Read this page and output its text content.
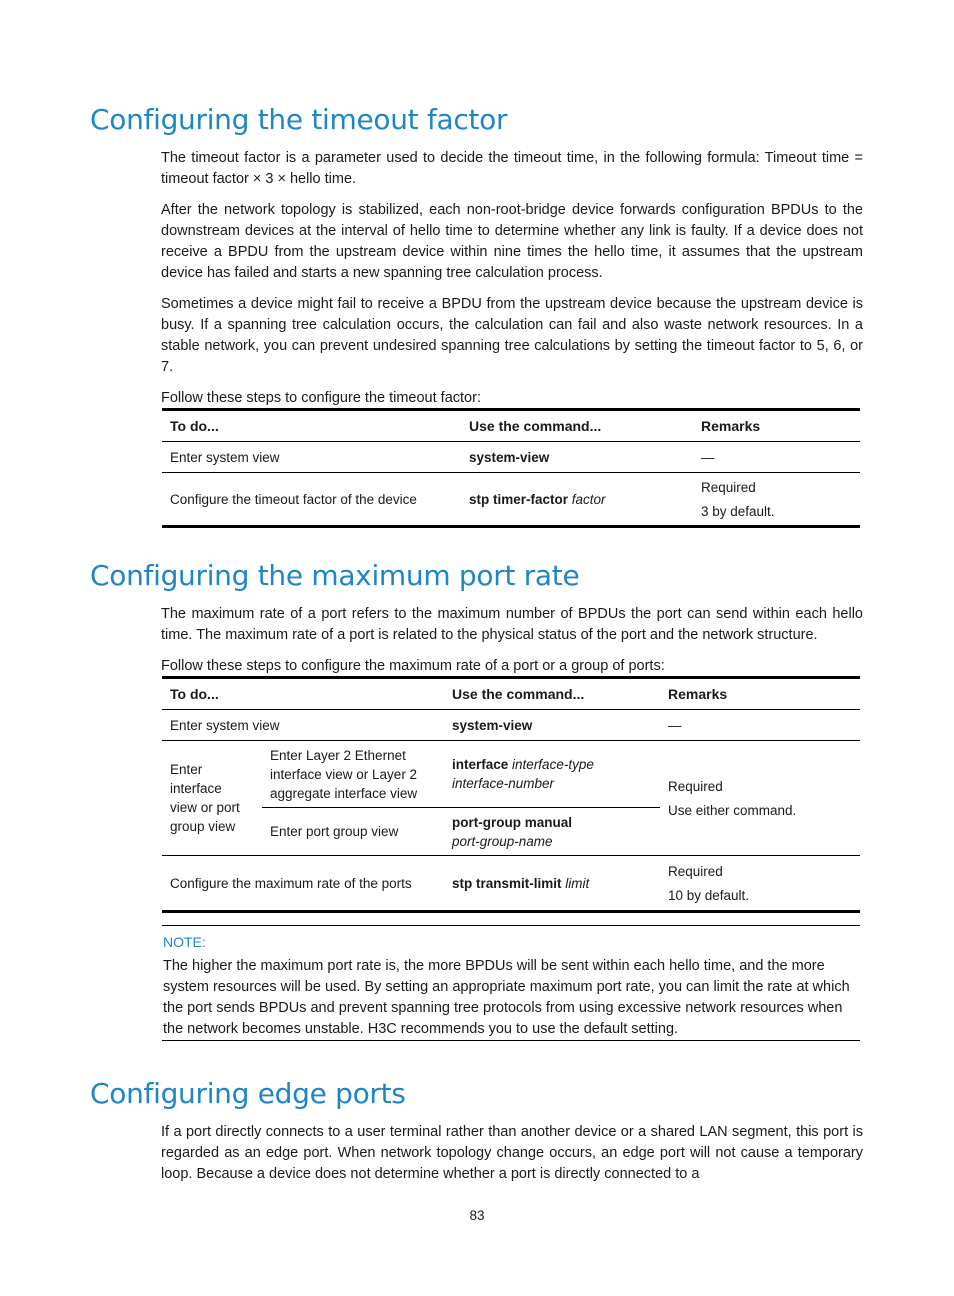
Configuring the timeout factor

The timeout factor is a parameter used to decide the timeout time, in the following formula: Timeout time = timeout factor × 3 × hello time.

After the network topology is stabilized, each non-root-bridge device forwards configuration BPDUs to the downstream devices at the interval of hello time to determine whether any link is faulty. If a device does not receive a BPDU from the upstream device within nine times the hello time, it assumes that the upstream device has failed and starts a new spanning tree calculation process.

Sometimes a device might fail to receive a BPDU from the upstream device because the upstream device is busy. If a spanning tree calculation occurs, the calculation can fail and also waste network resources. In a stable network, you can prevent undesired spanning tree calculations by setting the timeout factor to 5, 6, or 7.

Follow these steps to configure the timeout factor:

To do...	Use the command...	Remarks
Enter system view	system-view	—
Configure the timeout factor of the device	stp timer-factor factor	Required
3 by default.
Configuring the maximum port rate

The maximum rate of a port refers to the maximum number of BPDUs the port can send within each hello time. The maximum rate of a port is related to the physical status of the port and the network structure.

Follow these steps to configure the maximum rate of a port or a group of ports:

To do...		Use the command...	Remarks
Enter system view		system-view	—
Enter interface view or port group view	Enter Layer 2 Ethernet interface view or Layer 2 aggregate interface view	interface interface-type interface-number	Required
Use either command.

	Enter port group view	port-group manual
port-group-name	
Configure the maximum rate of the ports		stp transmit-limit limit	Required
10 by default.
NOTE:

The higher the maximum port rate is, the more BPDUs will be sent within each hello time, and the more system resources will be used. By setting an appropriate maximum port rate, you can limit the rate at which the port sends BPDUs and prevent spanning tree protocols from using excessive network resources when the network becomes unstable. H3C recommends you to use the default setting.

Configuring edge ports

If a port directly connects to a user terminal rather than another device or a shared LAN segment, this port is regarded as an edge port. When network topology change occurs, an edge port will not cause a temporary loop. Because a device does not determine whether a port is directly connected to a

83
